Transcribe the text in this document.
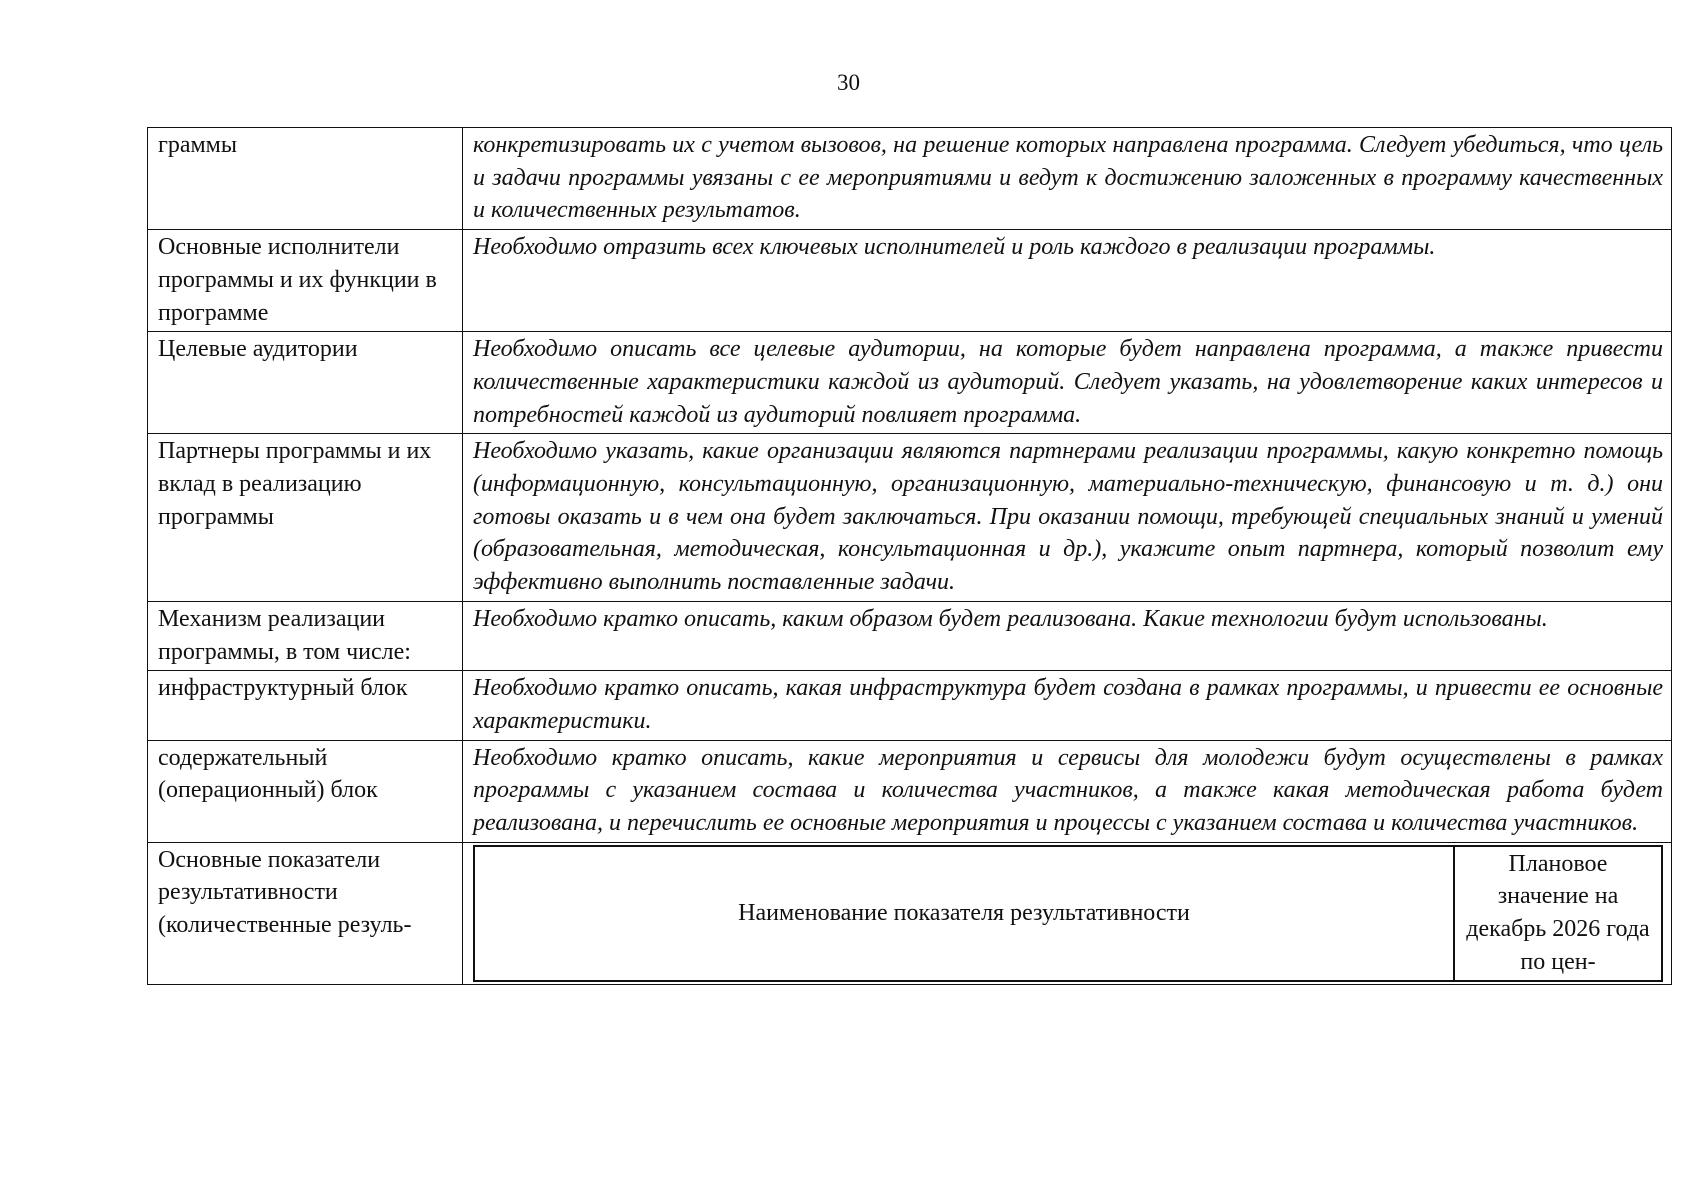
30
граммы	конкретизировать их с учетом вызовов, на решение которых направлена программа. Следует убедиться, что цель и задачи программы увязаны с ее мероприятиями и ведут к достижению заложенных в программу качественных и количественных результатов.
Основные исполнители программы и их функции в программе	Необходимо отразить всех ключевых исполнителей и роль каждого в реализации программы.
Целевые аудитории	Необходимо описать все целевые аудитории, на которые будет направлена программа, а также привести количественные характеристики каждой из аудиторий. Следует указать, на удовлетворение каких интересов и потребностей каждой из аудиторий повлияет программа.
Партнеры программы и их вклад в реализацию программы	Необходимо указать, какие организации являются партнерами реализации программы, какую конкретно помощь (информационную, консультационную, организационную, материально-техническую, финансовую и т. д.) они готовы оказать и в чем она будет заключаться. При оказании помощи, требующей специальных знаний и умений (образовательная, методическая, консультационная и др.), укажите опыт партнера, который позволит ему эффективно выполнить поставленные задачи.
Механизм реализации программы, в том числе:	Необходимо кратко описать, каким образом будет реализована. Какие технологии будут использованы.
инфраструктурный блок	Необходимо кратко описать, какая инфраструктура будет создана в рамках программы, и привести ее основные характеристики.
содержательный (операционный) блок	Необходимо кратко описать, какие мероприятия и сервисы для молодежи будут осуществлены в рамках программы с указанием состава и количества участников, а также какая методическая работа будет реализована, и перечислить ее основные мероприятия и процессы с указанием состава и количества участников.
Основные показатели результативности (количественные резуль-		Наименование показателя результативности	Плановое значение на декабрь 2026 года по цен-
